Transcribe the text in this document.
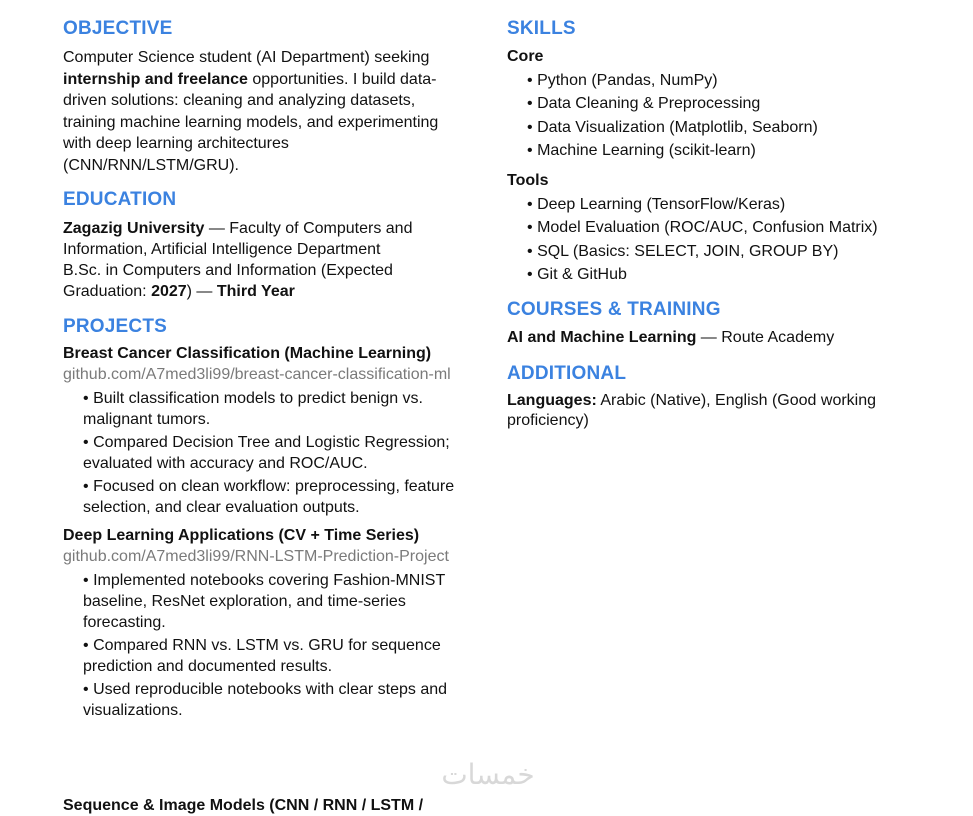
OBJECTIVE
Computer Science student (AI Department) seeking internship and freelance opportunities. I build data-driven solutions: cleaning and analyzing datasets, training machine learning models, and experimenting with deep learning architectures (CNN/RNN/LSTM/GRU).
EDUCATION
Zagazig University — Faculty of Computers and Information, Artificial Intelligence Department
B.Sc. in Computers and Information (Expected Graduation: 2027) — Third Year
PROJECTS
Breast Cancer Classification (Machine Learning)
github.com/A7med3li99/breast-cancer-classification-ml
• Built classification models to predict benign vs. malignant tumors.
• Compared Decision Tree and Logistic Regression; evaluated with accuracy and ROC/AUC.
• Focused on clean workflow: preprocessing, feature selection, and clear evaluation outputs.
Deep Learning Applications (CV + Time Series)
github.com/A7med3li99/RNN-LSTM-Prediction-Project
• Implemented notebooks covering Fashion-MNIST baseline, ResNet exploration, and time-series forecasting.
• Compared RNN vs. LSTM vs. GRU for sequence prediction and documented results.
• Used reproducible notebooks with clear steps and visualizations.
Sequence & Image Models (CNN / RNN / LSTM /
SKILLS
Core
• Python (Pandas, NumPy)
• Data Cleaning & Preprocessing
• Data Visualization (Matplotlib, Seaborn)
• Machine Learning (scikit-learn)
Tools
• Deep Learning (TensorFlow/Keras)
• Model Evaluation (ROC/AUC, Confusion Matrix)
• SQL (Basics: SELECT, JOIN, GROUP BY)
• Git & GitHub
COURSES & TRAINING
AI and Machine Learning — Route Academy
ADDITIONAL
Languages: Arabic (Native), English (Good working proficiency)
خمسات
